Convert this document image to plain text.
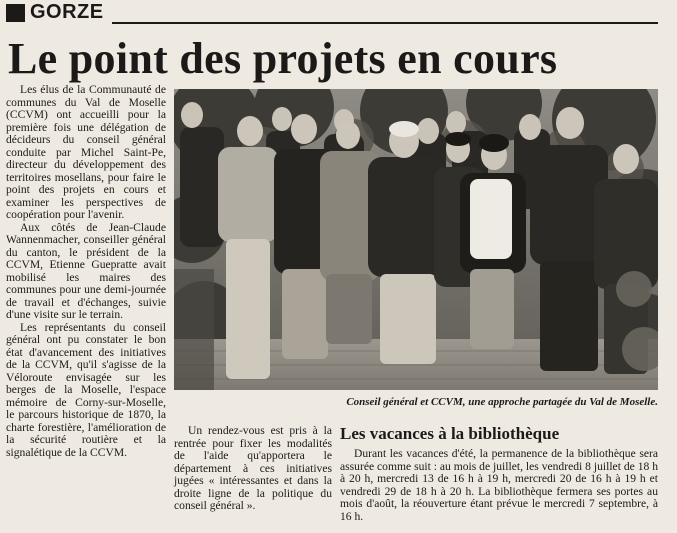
GORZE
Le point des projets en cours

Les élus de la Communauté de communes du Val de Moselle (CCVM) ont accueilli pour la première fois une délégation de décideurs du conseil général conduite par Michel Saint-Pe, directeur du développement des territoires mosellans, pour faire le point des projets en cours et examiner les perspectives de coopération pour l'avenir.

Aux côtés de Jean-Claude Wannenmacher, conseiller général du canton, le président de la CCVM, Etienne Guepratte avait mobilisé les maires des communes pour une demi-journée de travail et d'échanges, suivie d'une visite sur le terrain.

Les représentants du conseil général ont pu constater le bon état d'avancement des initiatives de la CCVM, qu'il s'agisse de la Véloroute envisagée sur les berges de la Moselle, l'espace mémoire de Corny-sur-Moselle, le parcours historique de 1870, la charte forestière, l'amélioration de la sécurité routière et la signalétique de la CCVM.

Conseil général et CCVM, une approche partagée du Val de Moselle.

Un rendez-vous est pris à la rentrée pour fixer les modalités de l'aide qu'apportera le département à ces initiatives jugées « intéressantes et dans la droite ligne de la politique du conseil général ».

Les vacances à la bibliothèque

Durant les vacances d'été, la permanence de la bibliothèque sera assurée comme suit : au mois de juillet, les vendredi 8 juillet de 18 h à 20 h, mercredi 13 de 16 h à 19 h, mercredi 20 de 16 h à 19 h et vendredi 29 de 18 h à 20 h. La bibliothèque fermera ses portes au mois d'août, la réouverture étant prévue le mercredi 7 septembre, à 16 h.
